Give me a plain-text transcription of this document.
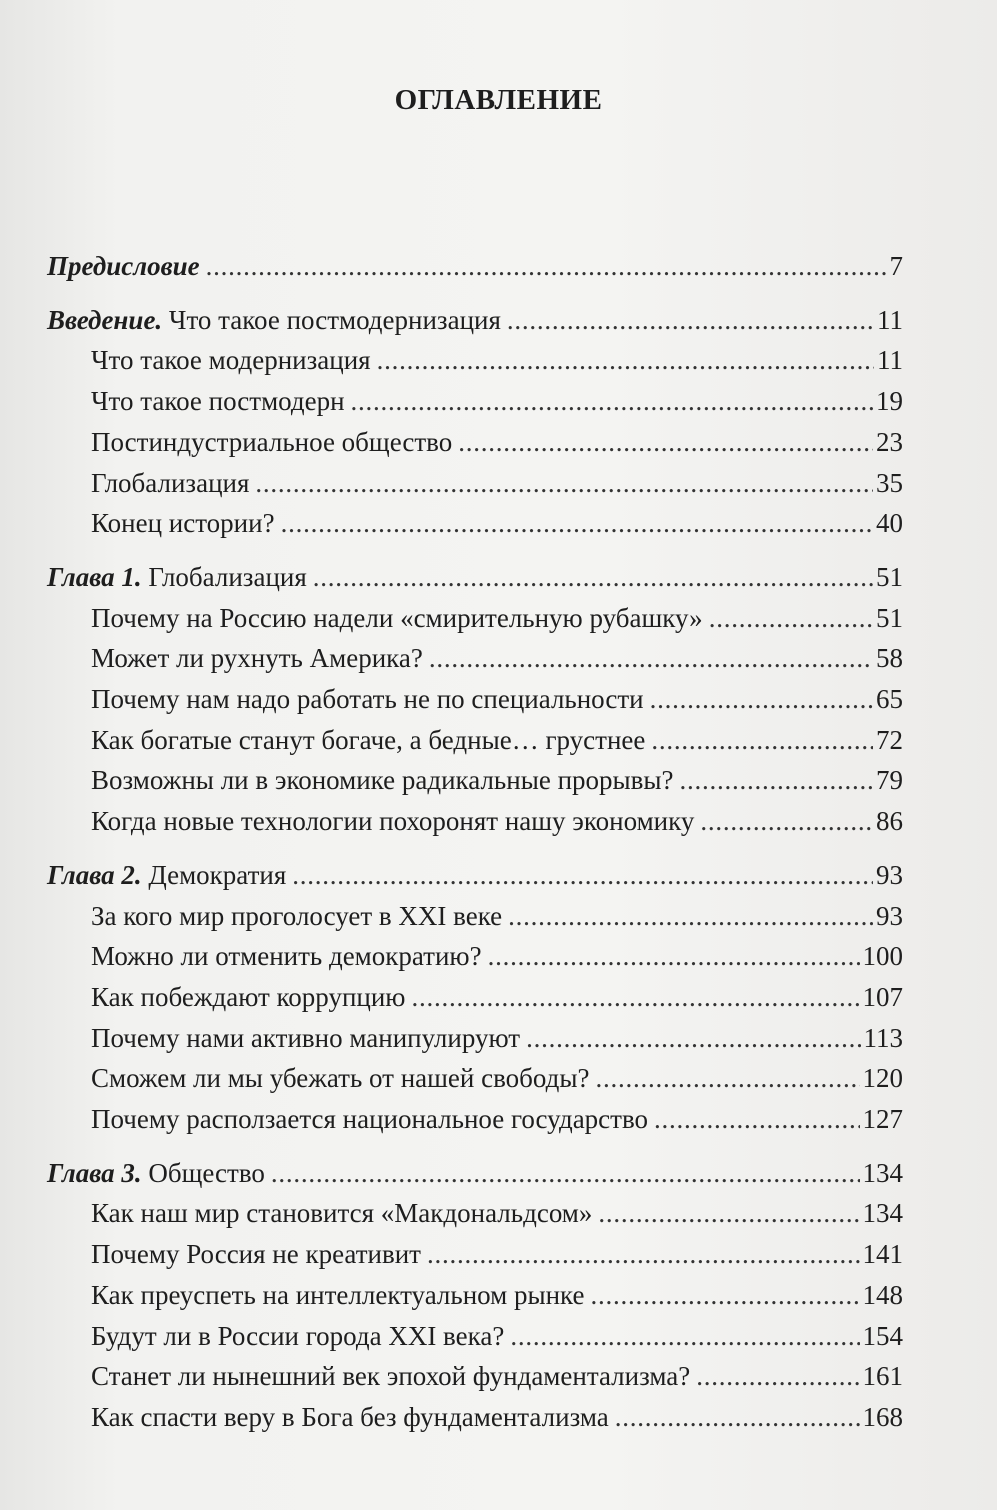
ОГЛАВЛЕНИЕ
Предисловие . . .	7
Введение. Что такое постмодернизация . . .	11
Что такое модернизация . . .	11
Что такое постмодерн . . .	19
Постиндустриальное общество . . .	23
Глобализация . . .	35
Конец истории? . . .	40
Глава 1. Глобализация . . .	51
Почему на Россию надели «смирительную рубашку» . . .	51
Может ли рухнуть Америка? . . .	58
Почему нам надо работать не по специальности . . .	65
Как богатые станут богаче, а бедные… грустнее . . .	72
Возможны ли в экономике радикальные прорывы? . . .	79
Когда новые технологии похоронят нашу экономику . . .	86
Глава 2. Демократия . . .	93
За кого мир проголосует в XXI веке . . .	93
Можно ли отменить демократию? . . .	100
Как побеждают коррупцию . . .	107
Почему нами активно манипулируют . . .	113
Сможем ли мы убежать от нашей свободы? . . .	120
Почему расползается национальное государство . . .	127
Глава 3. Общество . . .	134
Как наш мир становится «Макдональдсом» . . .	134
Почему Россия не креативит . . .	141
Как преуспеть на интеллектуальном рынке . . .	148
Будут ли в России города XXI века? . . .	154
Станет ли нынешний век эпохой фундаментализма? . . .	161
Как спасти веру в Бога без фундаментализма . . .	168
